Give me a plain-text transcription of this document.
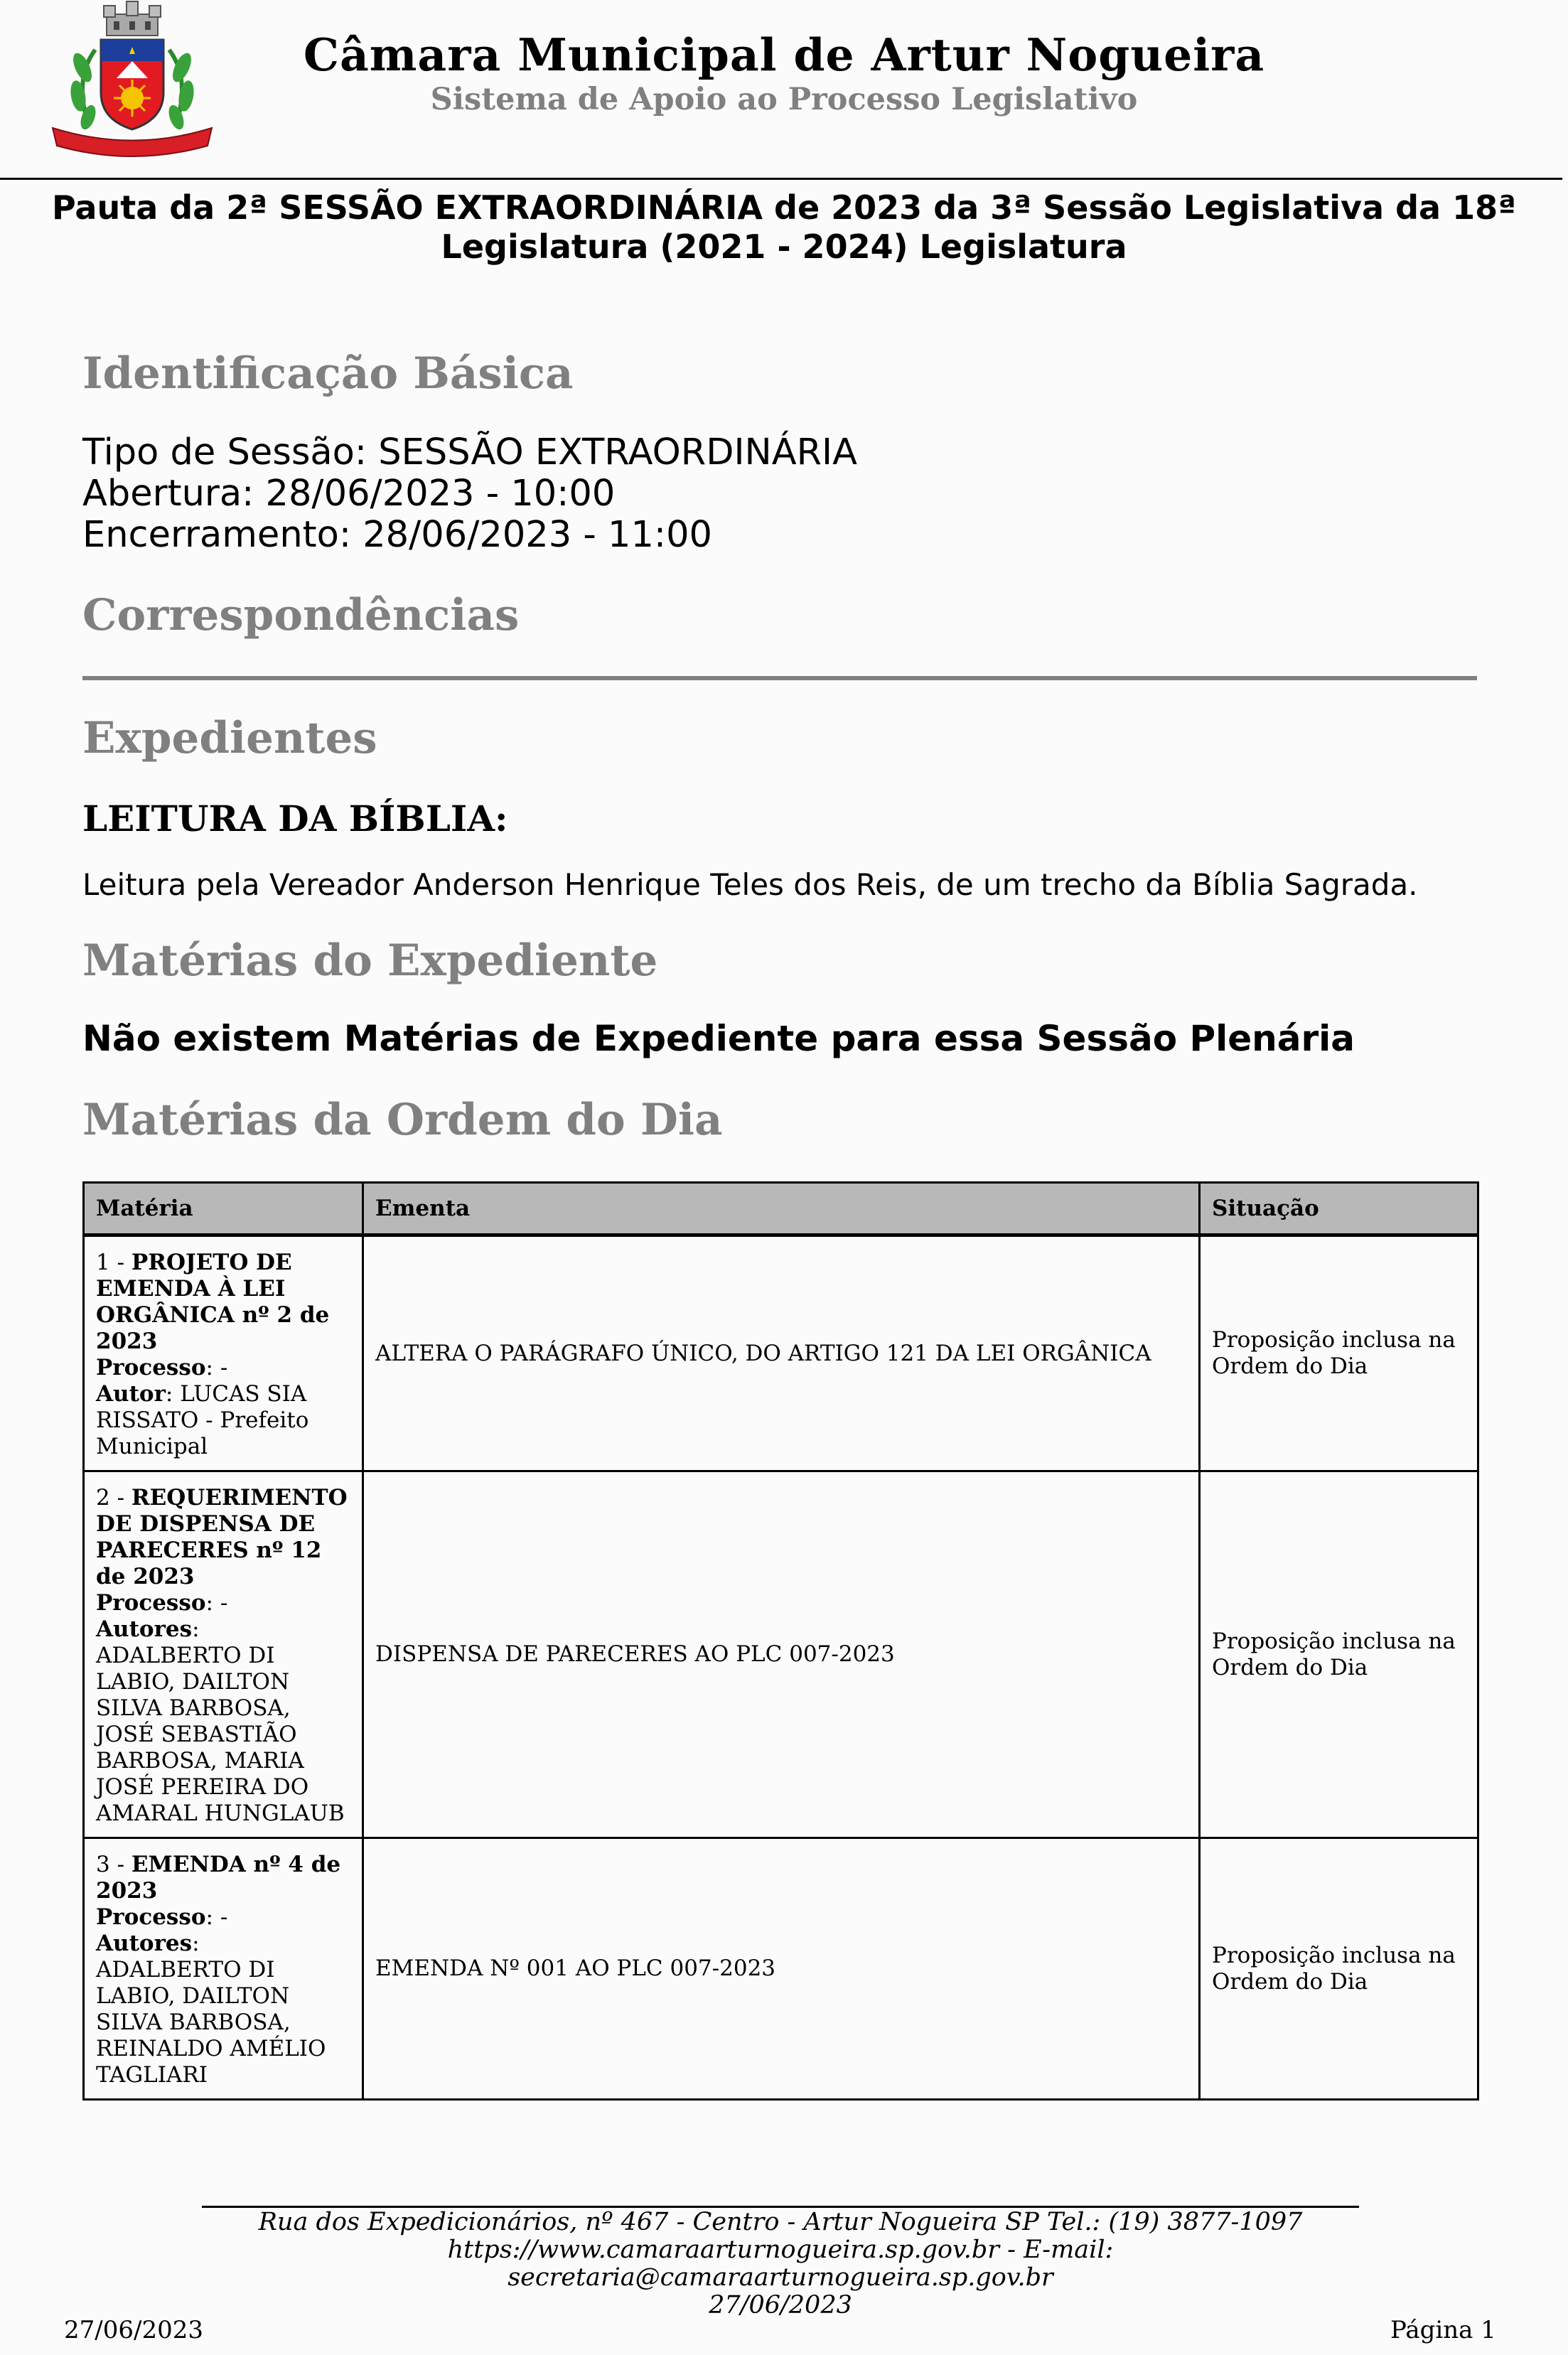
Câmara Municipal de Artur Nogueira
Sistema de Apoio ao Processo Legislativo
Pauta da 2ª SESSÃO EXTRAORDINÁRIA de 2023 da 3ª Sessão Legislativa da 18ª Legislatura (2021 - 2024) Legislatura
Identificação Básica
Tipo de Sessão: SESSÃO EXTRAORDINÁRIA
Abertura: 28/06/2023 - 10:00
Encerramento: 28/06/2023 - 11:00
Correspondências
Expedientes
LEITURA DA BÍBLIA:
Leitura pela Vereador Anderson Henrique Teles dos Reis, de um trecho da Bíblia Sagrada.
Matérias do Expediente
Não existem Matérias de Expediente para essa Sessão Plenária
Matérias da Ordem do Dia
Matéria	Ementa	Situação
1 - PROJETO DE EMENDA À LEI ORGÂNICA nº 2 de 2023
Processo: -
Autor: LUCAS SIA RISSATO - Prefeito Municipal	ALTERA O PARÁGRAFO ÚNICO, DO ARTIGO 121 DA LEI ORGÂNICA	Proposição inclusa na Ordem do Dia
2 - REQUERIMENTO DE DISPENSA DE PARECERES nº 12 de 2023
Processo: -
Autores: ADALBERTO DI LABIO, DAILTON SILVA BARBOSA, JOSÉ SEBASTIÃO BARBOSA, MARIA JOSÉ PEREIRA DO AMARAL HUNGLAUB	DISPENSA DE PARECERES AO PLC 007-2023	Proposição inclusa na Ordem do Dia
3 - EMENDA nº 4 de 2023
Processo: -
Autores: ADALBERTO DI LABIO, DAILTON SILVA BARBOSA, REINALDO AMÉLIO TAGLIARI	EMENDA Nº 001 AO PLC 007-2023	Proposição inclusa na Ordem do Dia
Rua dos Expedicionários, nº 467 - Centro - Artur Nogueira SP Tel.: (19) 3877-1097 https://www.camaraarturnogueira.sp.gov.br - E-mail: secretaria@camaraarturnogueira.sp.gov.br
27/06/2023
27/06/2023	Página 1
